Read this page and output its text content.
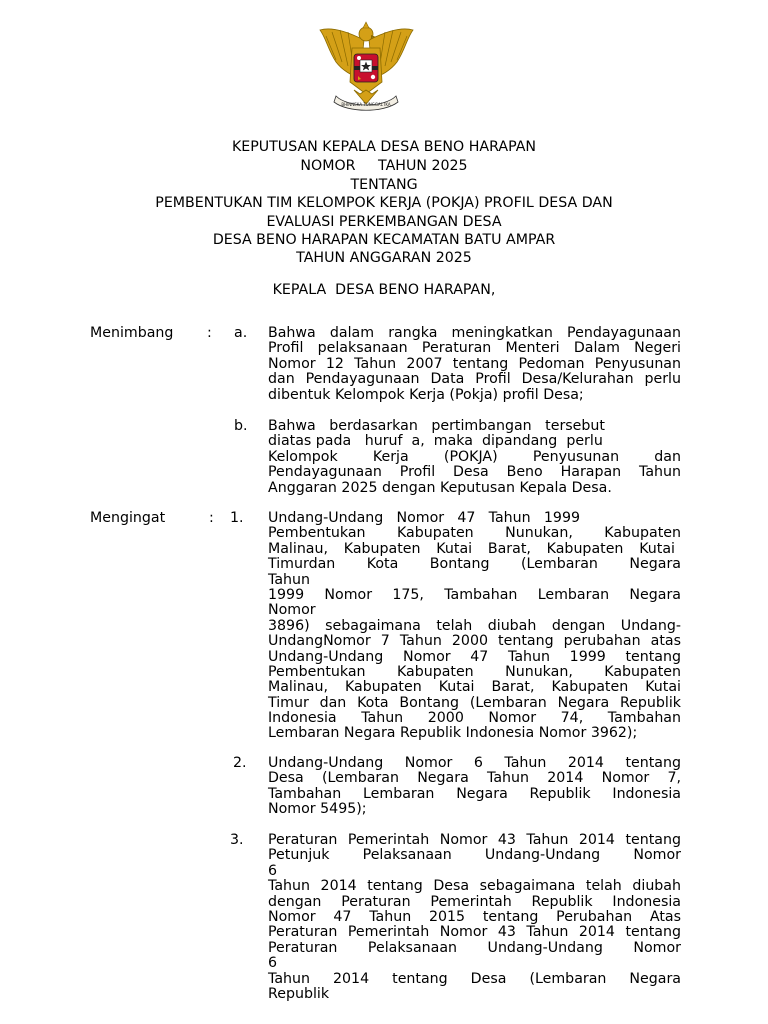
BHINNEKA TUNGGAL IKA
KEPUTUSAN KEPALA DESA BENO HARAPAN
NOMOR     TAHUN 2025
TENTANG
PEMBENTUKAN TIM KELOMPOK KERJA (POKJA) PROFIL DESA DAN
EVALUASI PERKEMBANGAN DESA
DESA BENO HARAPAN KECAMATAN BATU AMPAR
TAHUN ANGGARAN 2025
KEPALA  DESA BENO HARAPAN,
Menimbang : a. Bahwa dalam rangka meningkatkan Pendayagunaan
Profil pelaksanaan Peraturan Menteri Dalam Negeri
Nomor 12 Tahun 2007 tentang Pedoman Penyusunan
dan Pendayagunaan Data Profil Desa/Kelurahan perlu
dibentuk Kelompok Kerja (Pokja) profil Desa;
b. Bahwa   berdasarkan   pertimbangan   tersebut
diatas pada   huruf  a,  maka  dipandang  perlu
Kelompok Kerja (POKJA) Penyusunan dan
Pendayagunaan Profil Desa Beno Harapan Tahun
Anggaran 2025 dengan Keputusan Kepala Desa.
Mengingat	: 1. Undang-Undang Nomor 47 Tahun 1999
Pembentukan Kabupaten Nunukan, Kabupaten
Malinau, Kabupaten Kutai Barat, Kabupaten Kutai
Timurdan Kota Bontang (Lembaran Negara
Tahun
1999 Nomor 175, Tambahan Lembaran Negara
Nomor
3896) sebagaimana telah diubah dengan Undang-
UndangNomor 7 Tahun 2000 tentang perubahan atas
Undang-Undang Nomor 47 Tahun 1999 tentang
Pembentukan Kabupaten Nunukan, Kabupaten
Malinau, Kabupaten Kutai Barat, Kabupaten Kutai
Timur dan Kota Bontang (Lembaran Negara Republik
Indonesia Tahun 2000 Nomor 74, Tambahan
Lembaran Negara Republik Indonesia Nomor 3962);
2. Undang-Undang Nomor 6 Tahun 2014 tentang
Desa (Lembaran Negara Tahun 2014 Nomor 7,
Tambahan Lembaran Negara Republik Indonesia
Nomor 5495);
3. Peraturan Pemerintah Nomor 43 Tahun 2014 tentang
Petunjuk Pelaksanaan Undang-Undang Nomor
6
Tahun 2014 tentang Desa sebagaimana telah diubah
dengan Peraturan Pemerintah Republik Indonesia
Nomor 47 Tahun 2015 tentang Perubahan Atas
Peraturan Pemerintah Nomor 43 Tahun 2014 tentang
Peraturan Pelaksanaan Undang-Undang Nomor
6
Tahun 2014 tentang Desa (Lembaran Negara
Republik
